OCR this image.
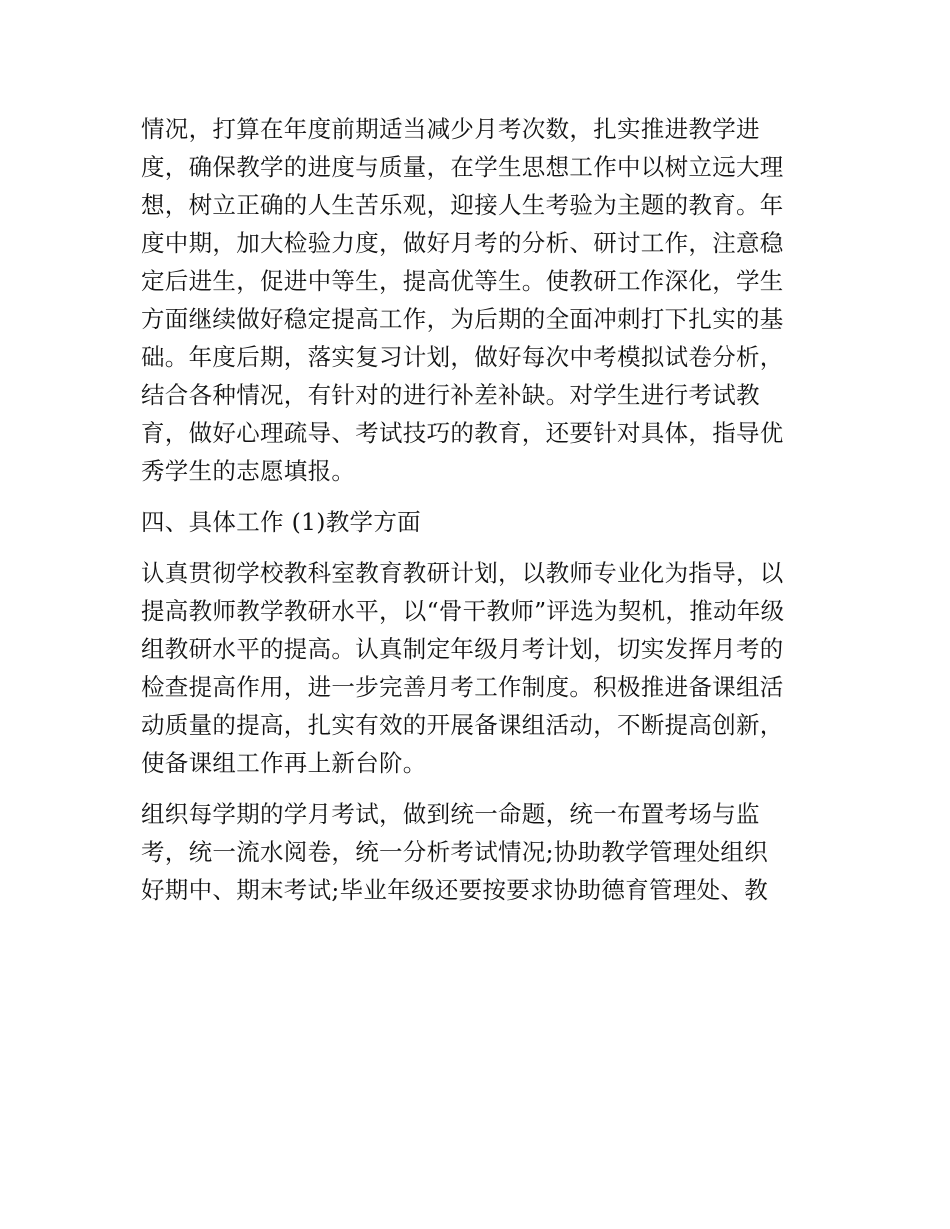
情况，打算在年度前期适当减少月考次数，扎实推进教学进
度，确保教学的进度与质量，在学生思想工作中以树立远大理
想，树立正确的人生苦乐观，迎接人生考验为主题的教育。年
度中期，加大检验力度，做好月考的分析、研讨工作，注意稳
定后进生，促进中等生，提高优等生。使教研工作深化，学生
方面继续做好稳定提高工作，为后期的全面冲刺打下扎实的基
础。年度后期，落实复习计划，做好每次中考模拟试卷分析，
结合各种情况，有针对的进行补差补缺。对学生进行考试教
育，做好心理疏导、考试技巧的教育，还要针对具体，指导优
秀学生的志愿填报。
四、具体工作 (1)教学方面
认真贯彻学校教科室教育教研计划，以教师专业化为指导，以
提高教师教学教研水平，以“骨干教师”评选为契机，推动年级
组教研水平的提高。认真制定年级月考计划，切实发挥月考的
检查提高作用，进一步完善月考工作制度。积极推进备课组活
动质量的提高，扎实有效的开展备课组活动，不断提高创新，
使备课组工作再上新台阶。
组织每学期的学月考试，做到统一命题，统一布置考场与监
考，统一流水阅卷，统一分析考试情况;协助教学管理处组织
好期中、期末考试;毕业年级还要按要求协助德育管理处、教
